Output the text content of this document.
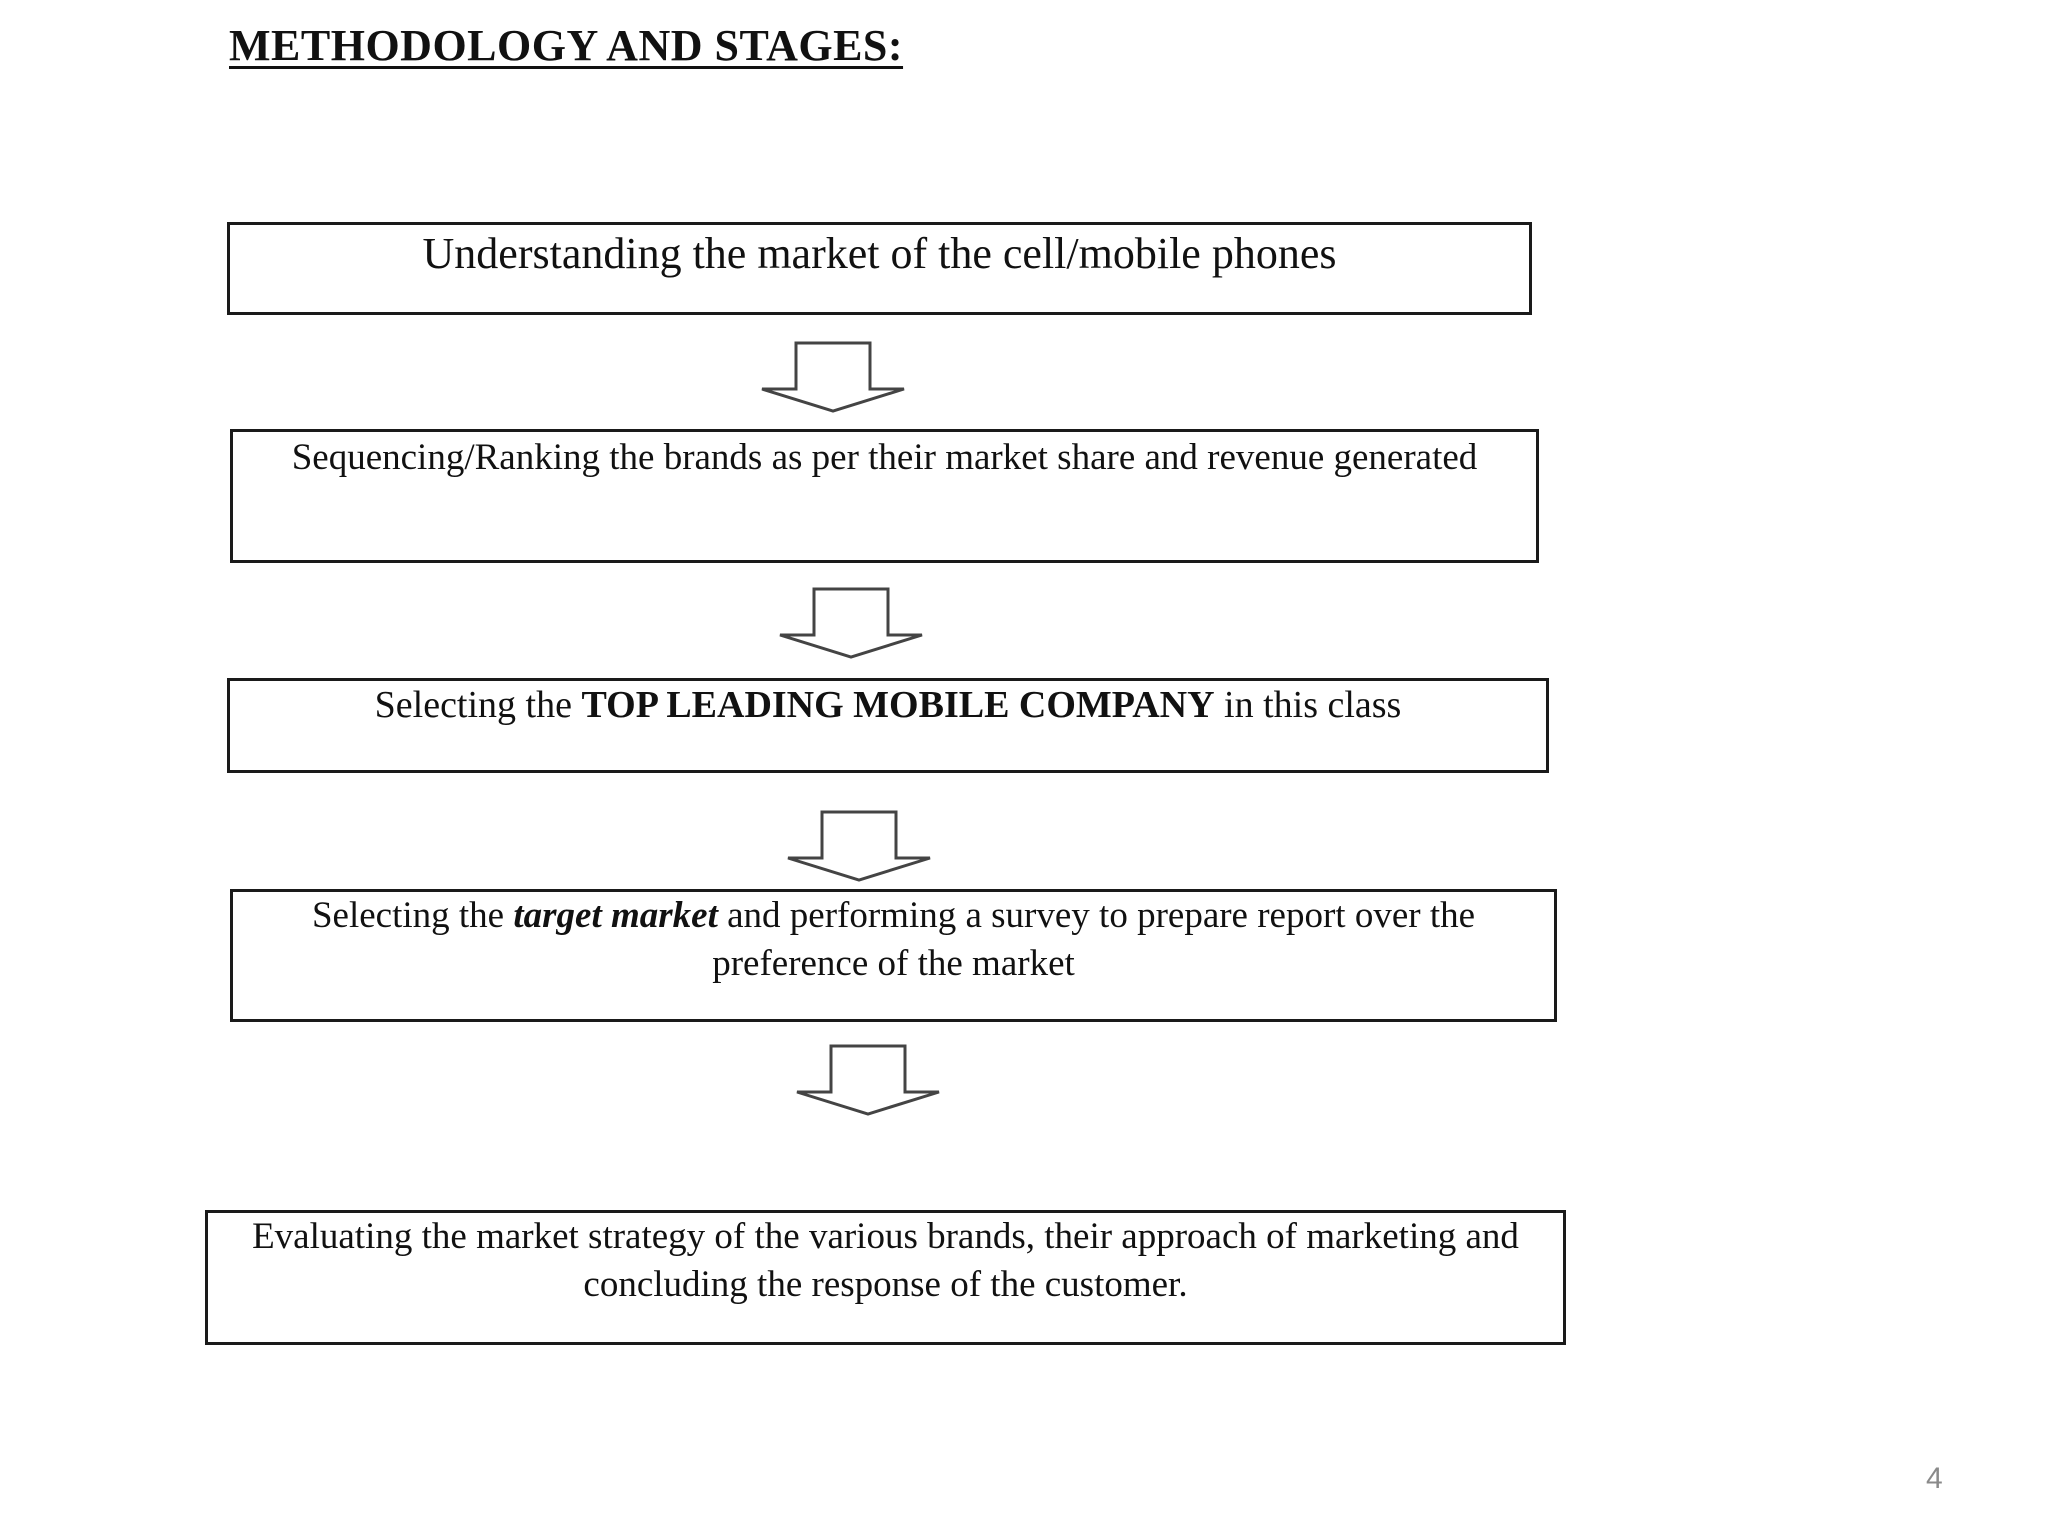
METHODOLOGY AND STAGES:
Understanding the market of the cell/mobile phones
Sequencing/Ranking the brands as per their market share and revenue generated
Selecting the TOP LEADING MOBILE COMPANY in this class
Selecting the target market and performing a survey to prepare report over the preference of the market
Evaluating the market strategy of the various brands, their approach of marketing and concluding the response of the customer.
4
